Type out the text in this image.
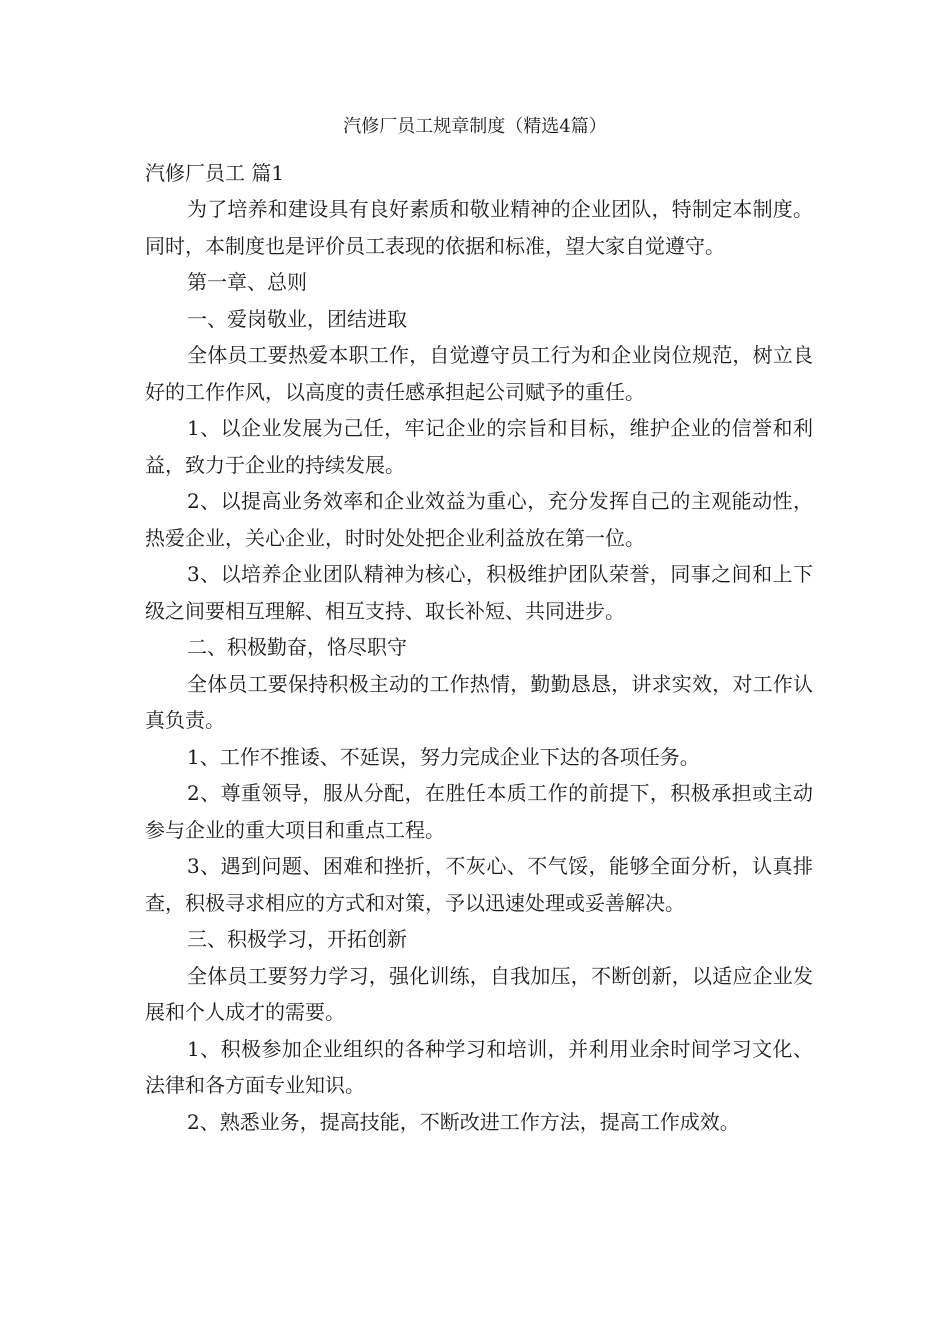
汽修厂员工规章制度（精选4篇）
汽修厂员工 篇1

为了培养和建设具有良好素质和敬业精神的企业团队，特制定本制度。同时，本制度也是评价员工表现的依据和标准，望大家自觉遵守。

第一章、总则

一、爱岗敬业，团结进取

全体员工要热爱本职工作，自觉遵守员工行为和企业岗位规范，树立良好的工作作风，以高度的责任感承担起公司赋予的重任。

1、以企业发展为己任，牢记企业的宗旨和目标，维护企业的信誉和利益，致力于企业的持续发展。

2、以提高业务效率和企业效益为重心，充分发挥自己的主观能动性，热爱企业，关心企业，时时处处把企业利益放在第一位。

3、以培养企业团队精神为核心，积极维护团队荣誉，同事之间和上下级之间要相互理解、相互支持、取长补短、共同进步。

二、积极勤奋，恪尽职守

全体员工要保持积极主动的工作热情，勤勤恳恳，讲求实效，对工作认真负责。

1、工作不推诿、不延误，努力完成企业下达的各项任务。

2、尊重领导，服从分配，在胜任本质工作的前提下，积极承担或主动参与企业的重大项目和重点工程。

3、遇到问题、困难和挫折，不灰心、不气馁，能够全面分析，认真排查，积极寻求相应的方式和对策，予以迅速处理或妥善解决。

三、积极学习，开拓创新

全体员工要努力学习，强化训练，自我加压，不断创新，以适应企业发展和个人成才的需要。

1、积极参加企业组织的各种学习和培训，并利用业余时间学习文化、法律和各方面专业知识。

2、熟悉业务，提高技能，不断改进工作方法，提高工作成效。
